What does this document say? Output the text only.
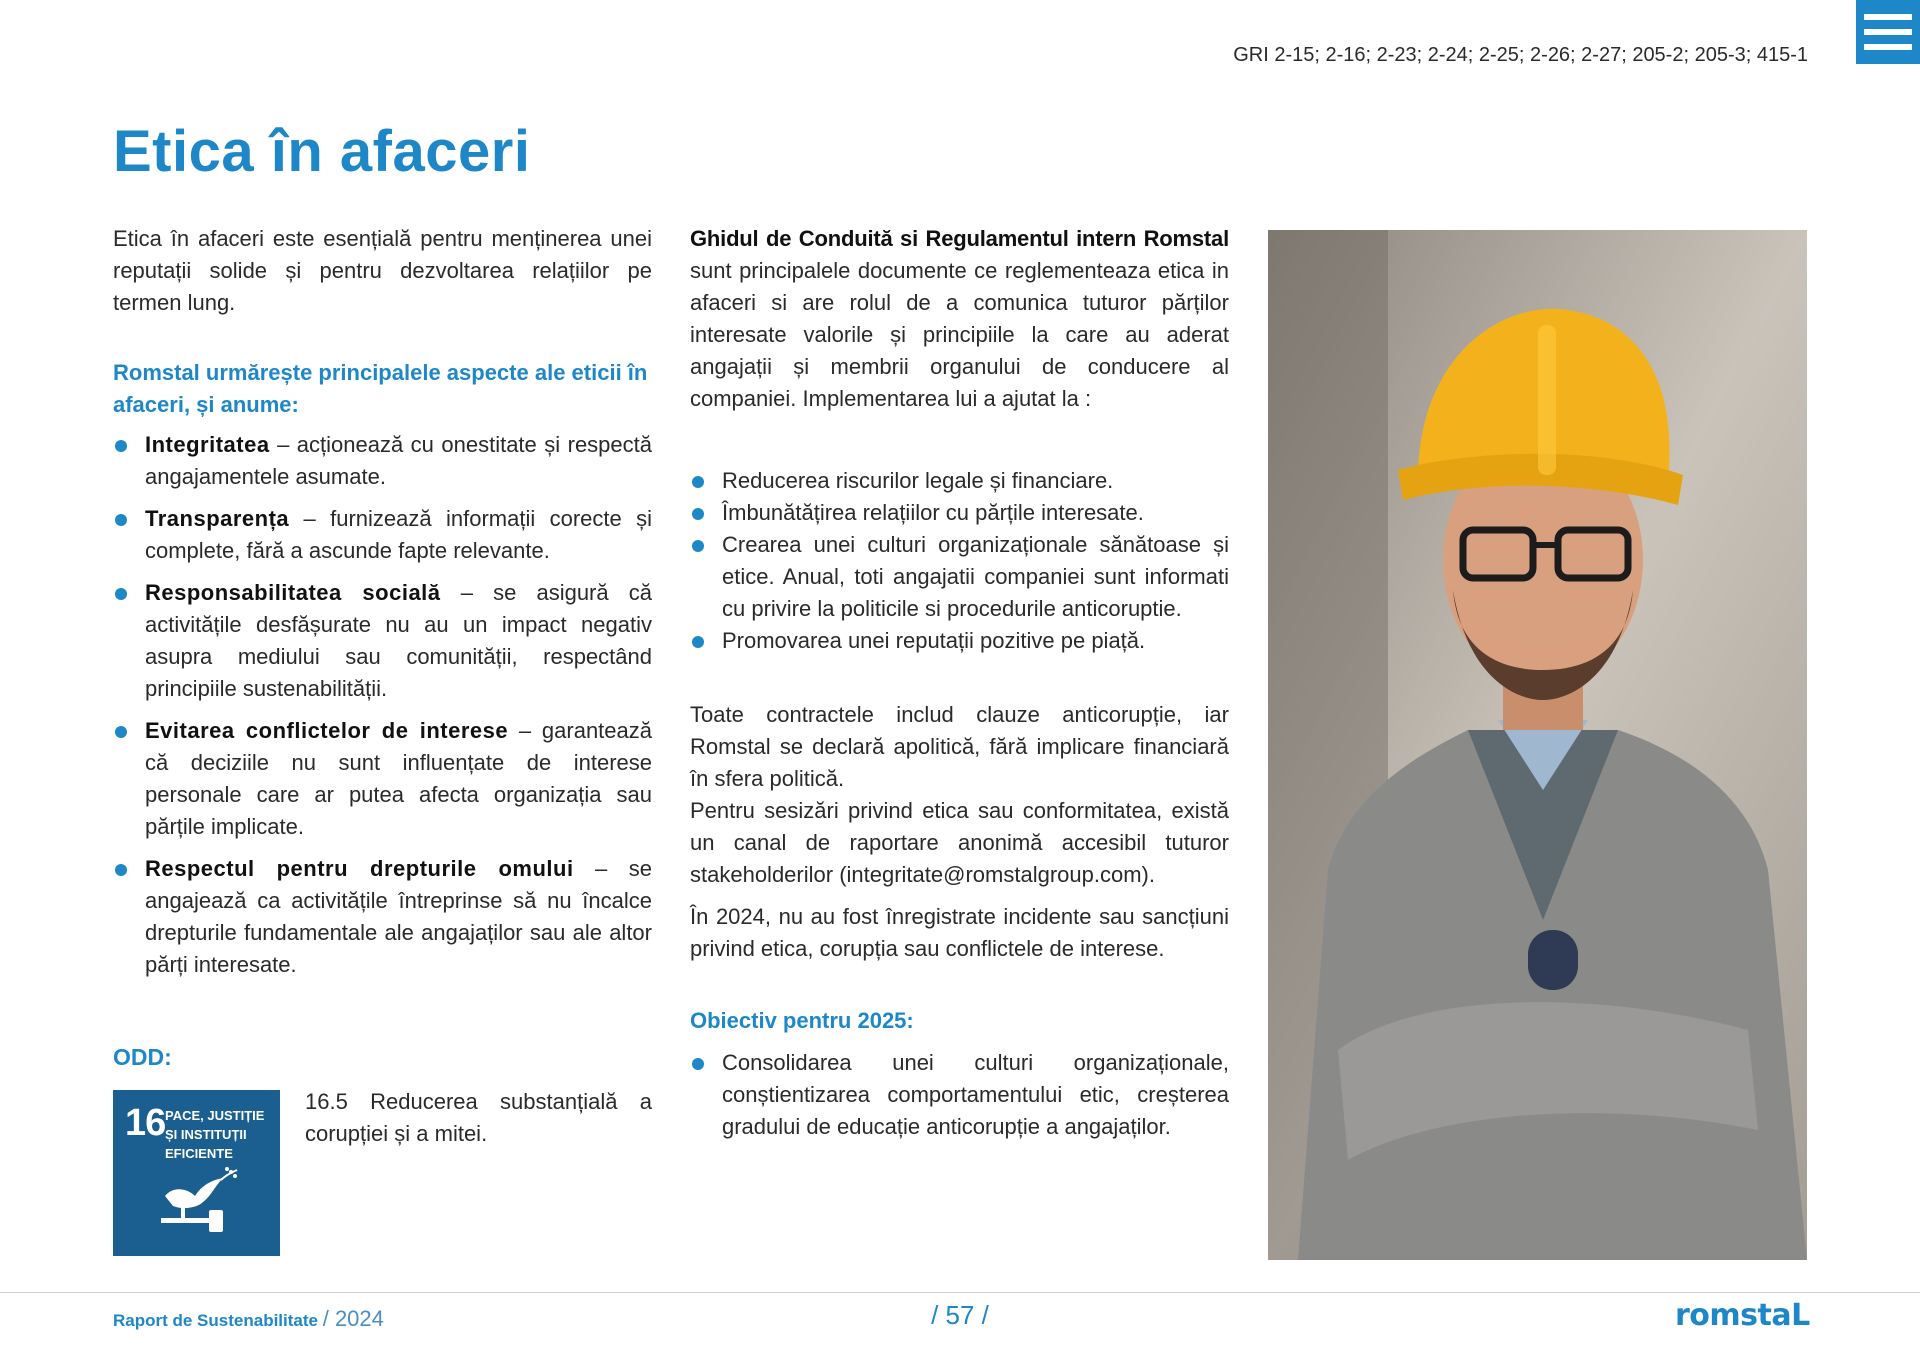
GRI 2-15; 2-16; 2-23; 2-24; 2-25; 2-26; 2-27; 205-2; 205-3; 415-1
Etica în afaceri

Etica în afaceri este esențială pentru menținerea unei reputații solide și pentru dezvoltarea relațiilor pe termen lung.

Romstal urmărește principalele aspecte ale eticii în afaceri, și anume:

Integritatea – acționează cu onestitate și respectă angajamentele asumate.
Transparența – furnizează informații corecte și complete, fără a ascunde fapte relevante.
Responsabilitatea socială – se asigură că activitățile desfășurate nu au un impact negativ asupra mediului sau comunității, respectând principiile sustenabilității.
Evitarea conflictelor de interese – garantează că deciziile nu sunt influențate de interese personale care ar putea afecta organizația sau părțile implicate.
Respectul pentru drepturile omului – se angajează ca activitățile întreprinse să nu încalce drepturile fundamentale ale angajaților sau ale altor părți interesate.
ODD:
16 PACE, JUSTIȚIE ȘI INSTITUȚII EFICIENTE

16.5 Reducerea substanțială a corupției și a mitei.

Ghidul de Conduită si Regulamentul intern Romstal sunt principalele documente ce reglementeaza etica in afaceri si are rolul de a comunica tuturor părților interesate valorile și principiile la care au aderat angajații și membrii organului de conducere al companiei. Implementarea lui a ajutat la :

Reducerea riscurilor legale și financiare.
Îmbunătățirea relațiilor cu părțile interesate.
Crearea unei culturi organizaționale sănătoase și etice. Anual, toti angajatii companiei sunt informati cu privire la politicile si procedurile anticoruptie.
Promovarea unei reputații pozitive pe piață.

Toate contractele includ clauze anticorupție, iar Romstal se declară apolitică, fără implicare financiară în sfera politică.

Pentru sesizări privind etica sau conformitatea, există un canal de raportare anonimă accesibil tuturor stakeholderilor (integritate@romstalgroup.com).

În 2024, nu au fost înregistrate incidente sau sancțiuni privind etica, corupția sau conflictele de interese.

Obiectiv pentru 2025:

Consolidarea unei culturi organizaționale, conștientizarea comportamentului etic, creșterea gradului de educație anticorupție a angajaților.
Raport de Sustenabilitate / 2024	/ 57 /	romstaL
